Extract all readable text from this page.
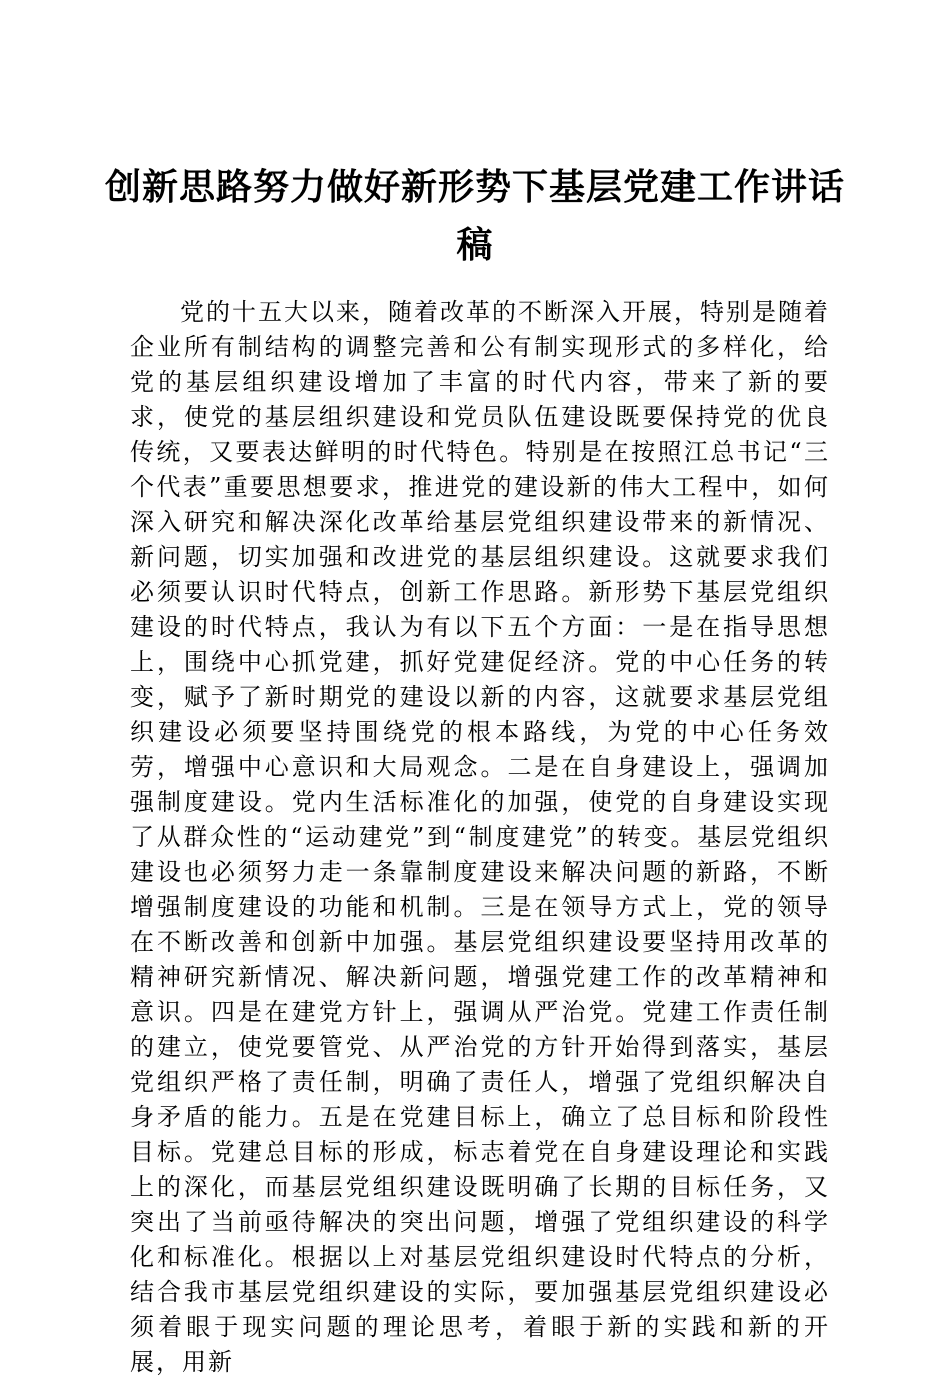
创新思路努力做好新形势下基层党建工作讲话稿

党的十五大以来，随着改革的不断深入开展，特别是随着企业所有制结构的调整完善和公有制实现形式的多样化，给党的基层组织建设增加了丰富的时代内容，带来了新的要求，使党的基层组织建设和党员队伍建设既要保持党的优良传统，又要表达鲜明的时代特色。特别是在按照江总书记“三个代表”重要思想要求，推进党的建设新的伟大工程中，如何深入研究和解决深化改革给基层党组织建设带来的新情况、新问题，切实加强和改进党的基层组织建设。这就要求我们必须要认识时代特点，创新工作思路。新形势下基层党组织建设的时代特点，我认为有以下五个方面：一是在指导思想上，围绕中心抓党建，抓好党建促经济。党的中心任务的转变，赋予了新时期党的建设以新的内容，这就要求基层党组织建设必须要坚持围绕党的根本路线，为党的中心任务效劳，增强中心意识和大局观念。二是在自身建设上，强调加强制度建设。党内生活标准化的加强，使党的自身建设实现了从群众性的“运动建党”到“制度建党”的转变。基层党组织建设也必须努力走一条靠制度建设来解决问题的新路，不断增强制度建设的功能和机制。三是在领导方式上，党的领导在不断改善和创新中加强。基层党组织建设要坚持用改革的精神研究新情况、解决新问题，增强党建工作的改革精神和意识。四是在建党方针上，强调从严治党。党建工作责任制的建立，使党要管党、从严治党的方针开始得到落实，基层党组织严格了责任制，明确了责任人，增强了党组织解决自身矛盾的能力。五是在党建目标上，确立了总目标和阶段性目标。党建总目标的形成，标志着党在自身建设理论和实践上的深化，而基层党组织建设既明确了长期的目标任务，又突出了当前亟待解决的突出问题，增强了党组织建设的科学化和标准化。根据以上对基层党组织建设时代特点的分析，结合我市基层党组织建设的实际，要加强基层党组织建设必须着眼于现实问题的理论思考，着眼于新的实践和新的开展，用新
